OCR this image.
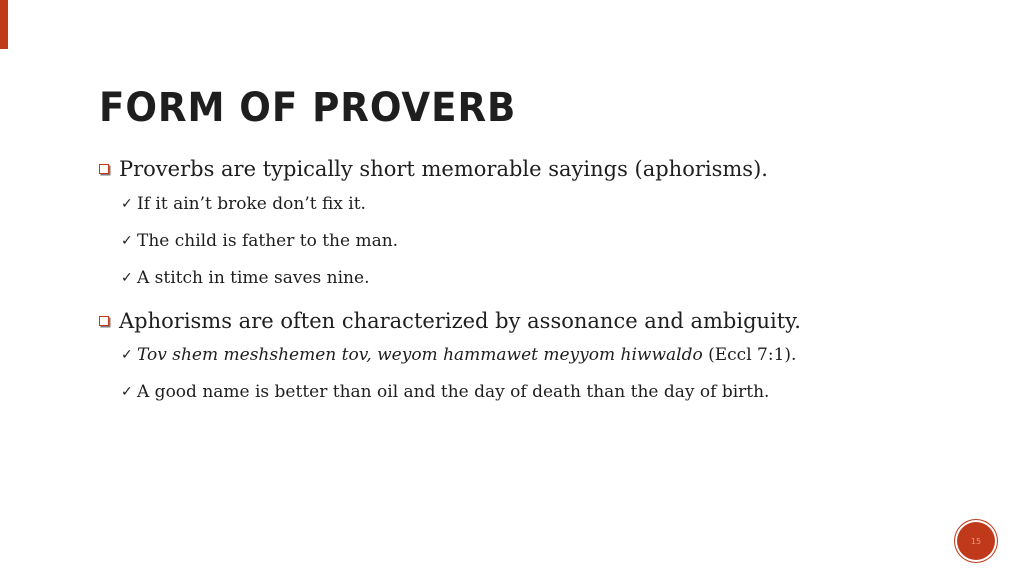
FORM OF PROVERB
Proverbs are typically short memorable sayings (aphorisms).
✓ If it ain’t broke don’t fix it.
✓ The child is father to the man.
✓ A stitch in time saves nine.
Aphorisms are often characterized by assonance and ambiguity.
✓ Tov shem meshshemen tov, weyom hammawet meyyom hiwwaldo (Eccl 7:1).
✓ A good name is better than oil and the day of death than the day of birth.
15
